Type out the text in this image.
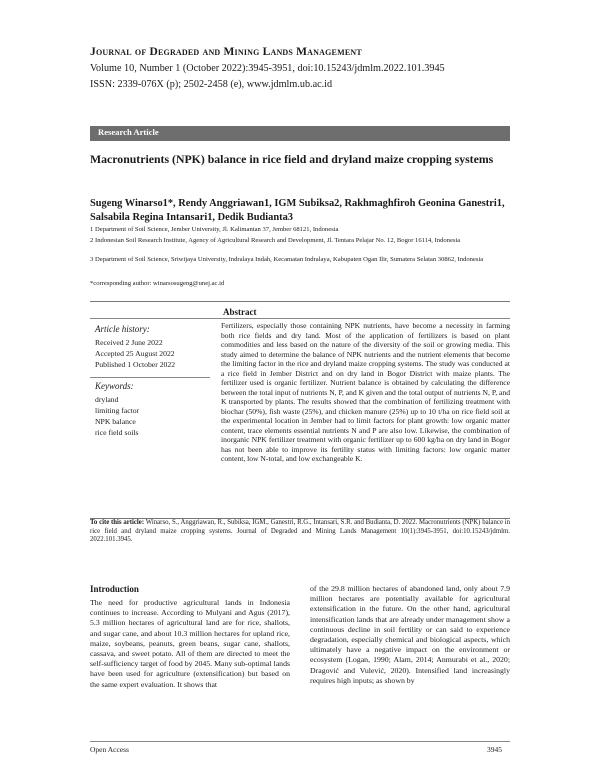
Journal of Degraded and Mining Lands Management
Volume 10, Number 1 (October 2022):3945-3951, doi:10.15243/jdmlm.2022.101.3945
ISSN: 2339-076X (p); 2502-2458 (e), www.jdmlm.ub.ac.id
Research Article
Macronutrients (NPK) balance in rice field and dryland maize cropping systems
Sugeng Winarso1*, Rendy Anggriawan1, IGM Subiksa2, Rakhmaghfiroh Geonina Ganestri1, Salsabila Regina Intansari1, Dedik Budianta3
1 Department of Soil Science, Jember University, Jl. Kalimantan 37, Jember 68121, Indonesia
2 Indonesian Soil Research Institute, Agency of Agricultural Research and Development, Jl. Tentara Pelajar No. 12, Bogor 16114, Indonesia
3 Department of Soil Science, Sriwijaya University, Indralaya Indah, Kecamatan Indralaya, Kabupaten Ogan Ilir, Sumatera Selatan 30862, Indonesia
*corresponding author: winarsosugeng@unej.ac.id
Abstract
Article history:
Received 2 June 2022
Accepted 25 August 2022
Published 1 October 2022
Keywords:
dryland
limiting factor
NPK balance
rice field soils
Fertilizers, especially those containing NPK nutrients, have become a necessity in farming both rice fields and dry land. Most of the application of fertilizers is based on plant commodities and less based on the nature of the diversity of the soil or growing media. This study aimed to determine the balance of NPK nutrients and the nutrient elements that become the limiting factor in the rice and dryland maize cropping systems. The study was conducted at a rice field in Jember District and on dry land in Bogor District with maize plants. The fertilizer used is organic fertilizer. Nutrient balance is obtained by calculating the difference between the total input of nutrients N, P, and K given and the total output of nutrients N, P, and K transported by plants. The results showed that the combination of fertilizing treatment with biochar (50%), fish waste (25%), and chicken manure (25%) up to 10 t/ha on rice field soil at the experimental location in Jember had to limit factors for plant growth: low organic matter content, trace elements essential nutrients N and P are also low. Likewise, the combination of inorganic NPK fertilizer treatment with organic fertilizer up to 600 kg/ha on dry land in Bogor has not been able to improve its fertility status with limiting factors: low organic matter content, low N-total, and low exchangeable K.
To cite this article: Winarso, S., Anggriawan, R., Subiksa, IGM., Ganestri, R.G., Intansari, S.R. and Budianta, D. 2022. Macronutrients (NPK) balance in rice field and dryland maize cropping systems. Journal of Degraded and Mining Lands Management 10(1):3945-3951, doi:10.15243/jdmlm. 2022.101.3945.
Introduction
The need for productive agricultural lands in Indonesia continues to increase. According to Mulyani and Agus (2017), 5.3 million hectares of agricultural land are for rice, shallots, and sugar cane, and about 10.3 million hectares for upland rice, maize, soybeans, peanuts, green beans, sugar cane, shallots, cassava, and sweet potato. All of them are directed to meet the self-sufficiency target of food by 2045. Many sub-optimal lands have been used for agriculture (extensification) but based on the same expert evaluation. It shows that
of the 29.8 million hectares of abandoned land, only about 7.9 million hectares are potentially available for agricultural extensification in the future. On the other hand, agricultural intensification lands that are already under management show a continuous decline in soil fertility or can said to experience degradation, especially chemical and biological aspects, which ultimately have a negative impact on the environment or ecosystem (Logan, 1990; Alam, 2014; Anmurabi et al., 2020; Dragović and Vulević, 2020). Intensified land increasingly requires high inputs; as shown by
Open Access	3945
